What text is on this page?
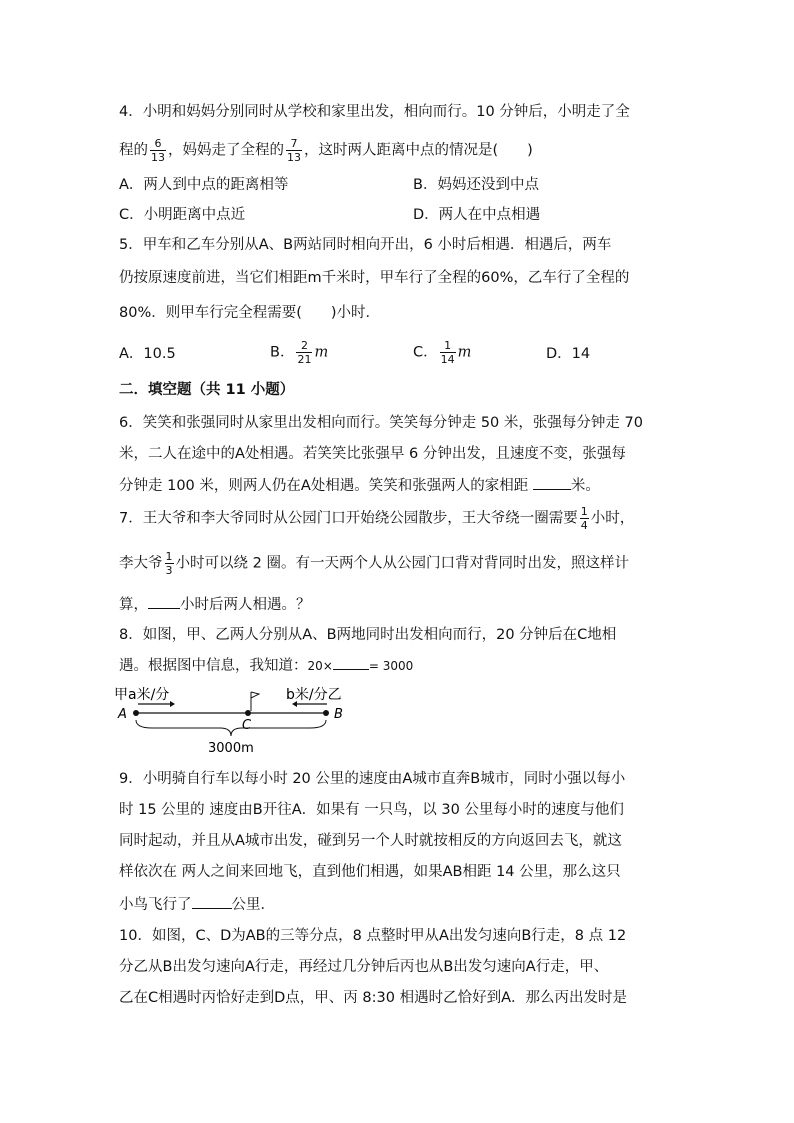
4．小明和妈妈分别同时从学校和家里出发，相向而行。10 分钟后，小明走了全
程的 $\frac{6}{13}$ ，妈妈走了全程的 $\frac{7}{13}$ ，这时两人距离中点的情况是(　　)
A．两人到中点的距离相等	B．妈妈还没到中点
C．小明距离中点近	D．两人在中点相遇
5．甲车和乙车分别从A、B两站同时相向开出，6 小时后相遇．相遇后，两车
仍按原速度前进，当它们相距m千米时，甲车行了全程的60%，乙车行了全程的
80%．则甲车行完全程需要(　　)小时．
A．10.5	B． $\frac{2}{21}$ m	C． $\frac{1}{14}$ m	D．14
二．填空题（共 11 小题）
6．笑笑和张强同时从家里出发相向而行。笑笑每分钟走 50 米，张强每分钟走 70
米，二人在途中的A处相遇。若笑笑比张强早 6 分钟出发，且速度不变，张强每
分钟走 100 米，则两人仍在A处相遇。笑笑和张强两人的家相距	米。
7．王大爷和李大爷同时从公园门口开始绕公园散步，王大爷绕一圈需要 $\frac{1}{4}$ 小时，
李大爷 $\frac{1}{3}$ 小时可以绕 2 圈。有一天两个人从公园门口背对背同时出发，照这样计
算， 小时后两人相遇。？
8．如图，甲、乙两人分别从A、B两地同时出发相向而行，20 分钟后在C地相
遇。根据图中信息，我知道：20×	= 3000
甲a米/分	b米/分乙
A
C
B
3000m
9．小明骑自行车以每小时 20 公里的速度由A城市直奔B城市，同时小强以每小
时 15 公里的 速度由B开往A．如果有 一只鸟，以 30 公里每小时的速度与他们
同时起动，并且从A城市出发，碰到另一个人时就按相反的方向返回去飞，就这
样依次在 两人之间来回地飞，直到他们相遇，如果AB相距 14 公里，那么这只
小鸟飞行了	公里．
10．如图，C、D为AB的三等分点，8 点整时甲从A出发匀速向B行走，8 点 12
分乙从B出发匀速向A行走，再经过几分钟后丙也从B出发匀速向A行走，甲、
乙在C相遇时丙恰好走到D点，甲、丙 8:30 相遇时乙恰好到A．那么丙出发时是
